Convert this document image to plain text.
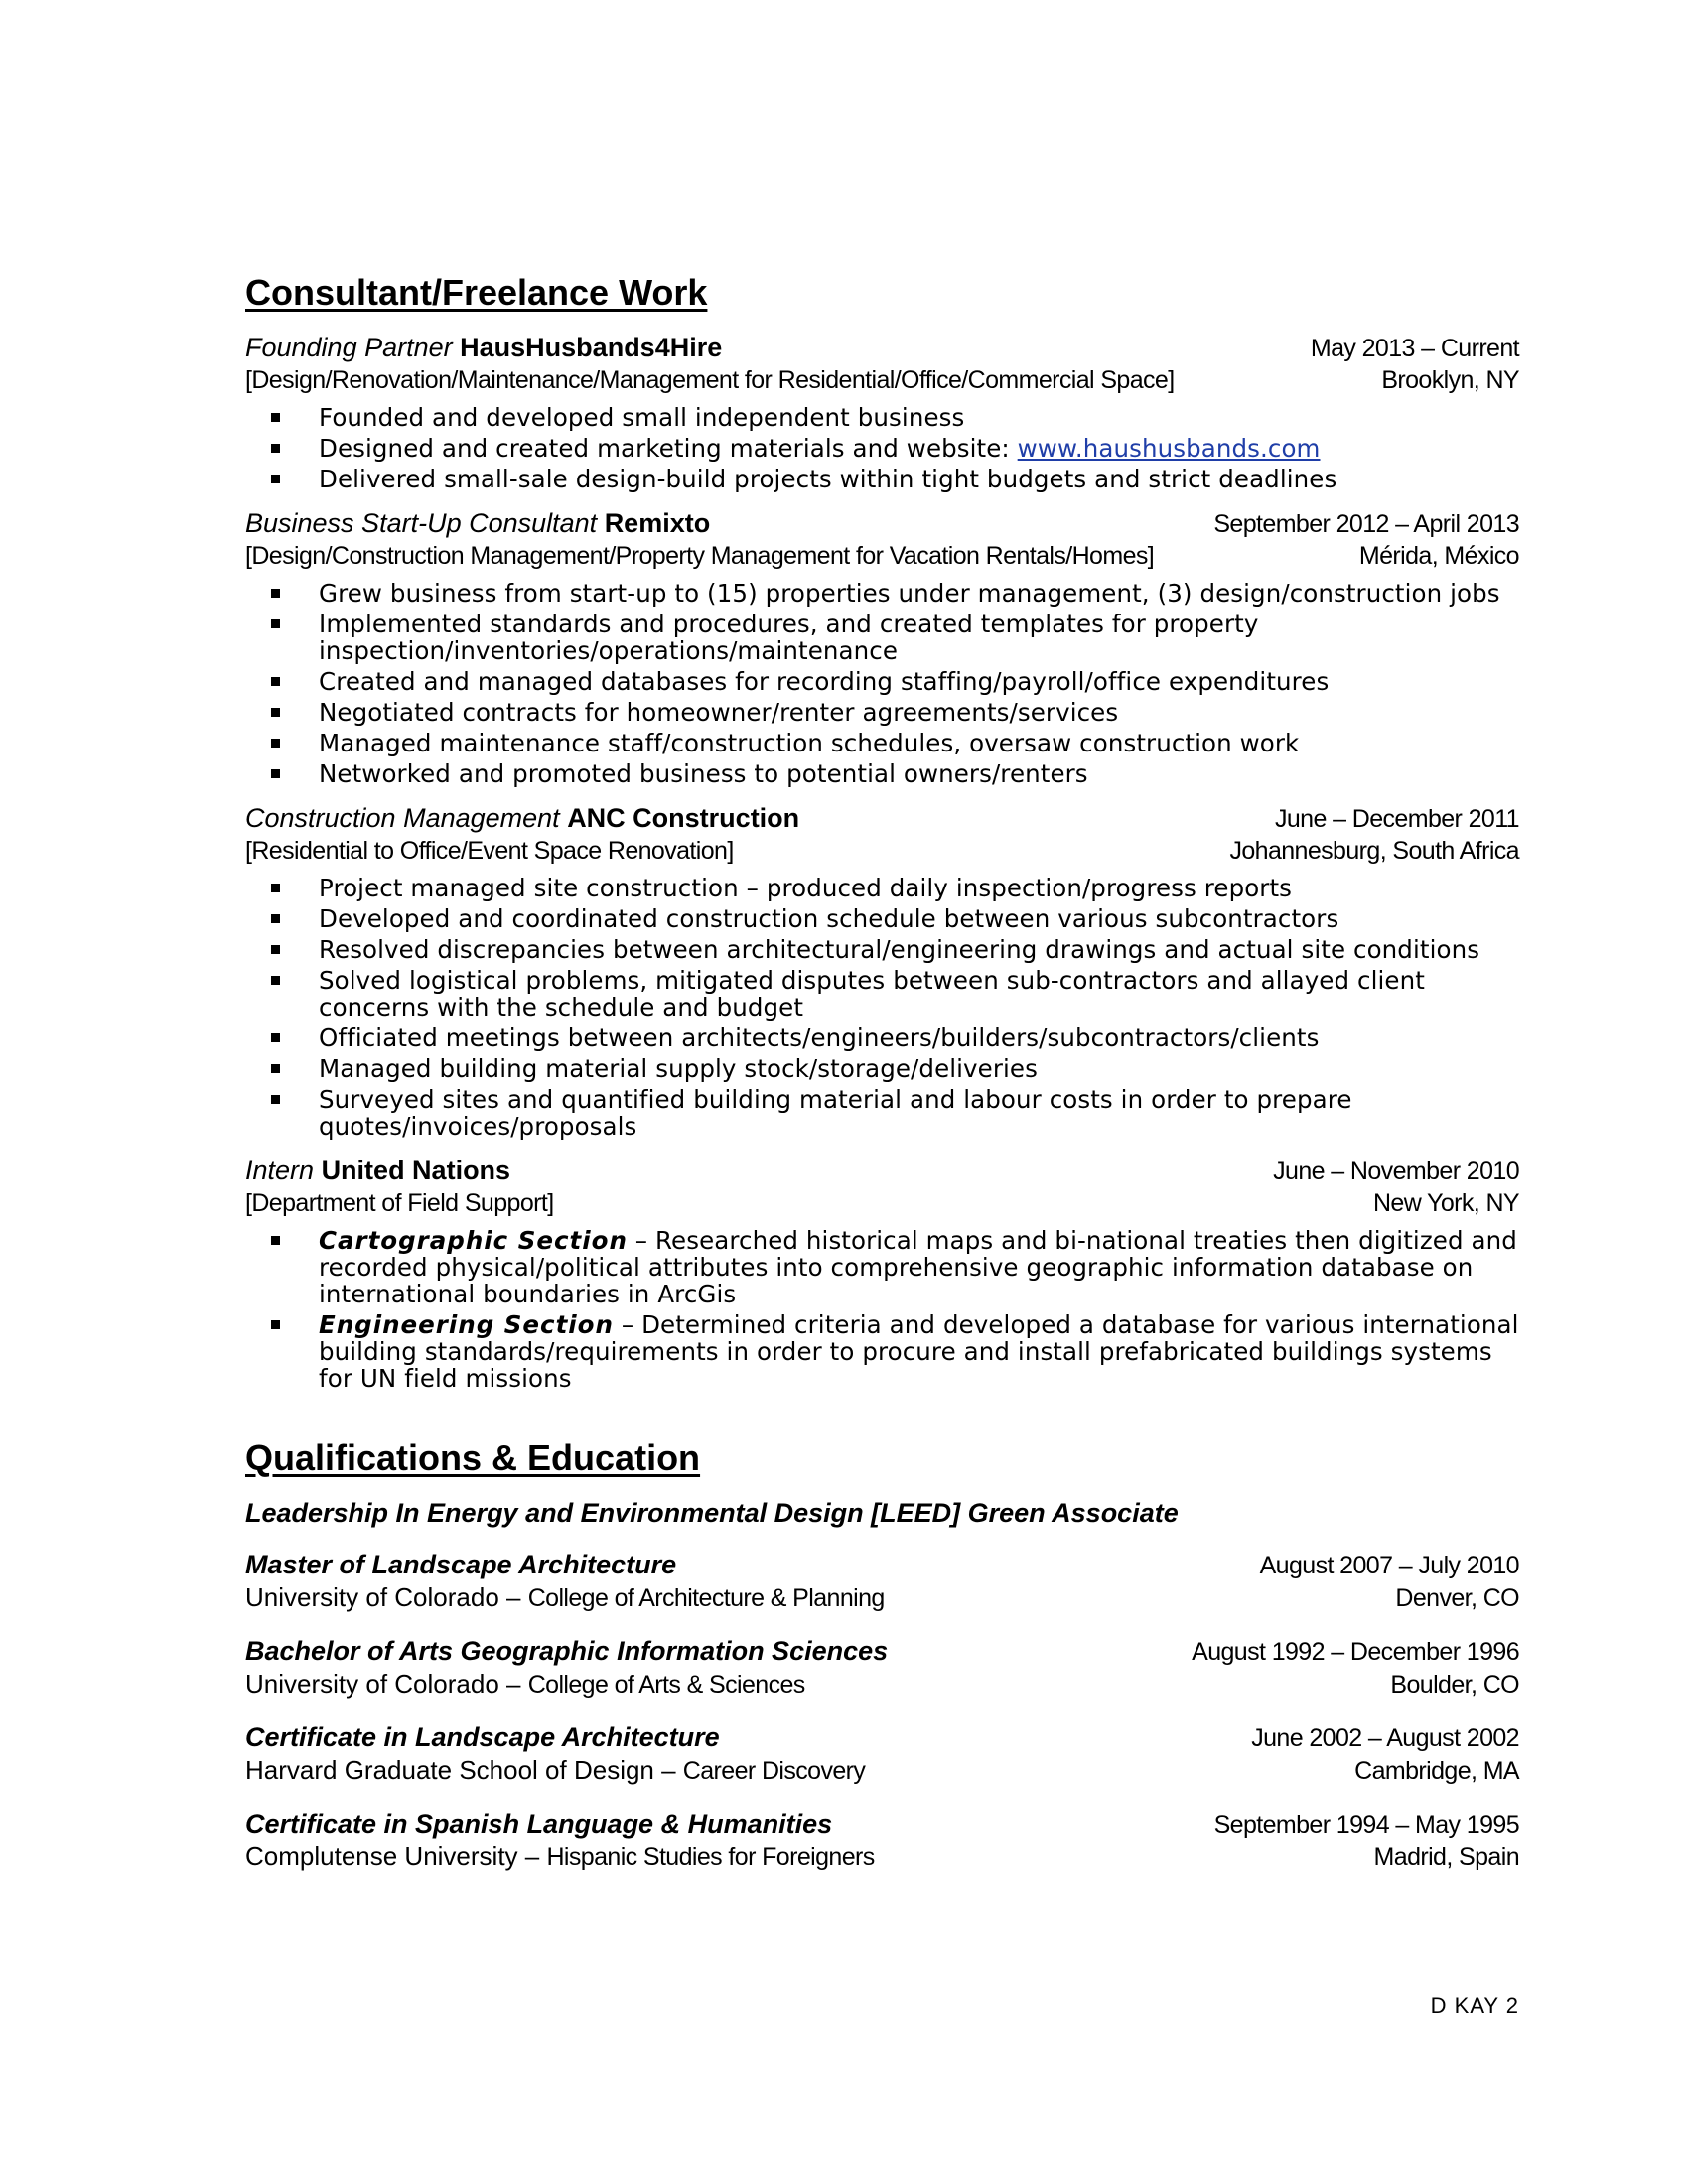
Consultant/Freelance Work
Founding Partner HausHusbands4Hire	May 2013 – Current
[Design/Renovation/Maintenance/Management for Residential/Office/Commercial Space]	Brooklyn, NY
Founded and developed small independent business
Designed and created marketing materials and website: www.haushusbands.com
Delivered small-sale design-build projects within tight budgets and strict deadlines
Business Start-Up Consultant Remixto	September 2012 – April 2013
[Design/Construction Management/Property Management for Vacation Rentals/Homes]	Mérida, México
Grew business from start-up to (15) properties under management, (3) design/construction jobs
Implemented standards and procedures, and created templates for property inspection/inventories/operations/maintenance
Created and managed databases for recording staffing/payroll/office expenditures
Negotiated contracts for homeowner/renter agreements/services
Managed maintenance staff/construction schedules, oversaw construction work
Networked and promoted business to potential owners/renters
Construction Management ANC Construction	June – December 2011
[Residential to Office/Event Space Renovation]	Johannesburg, South Africa
Project managed site construction – produced daily inspection/progress reports
Developed and coordinated construction schedule between various subcontractors
Resolved discrepancies between architectural/engineering drawings and actual site conditions
Solved logistical problems, mitigated disputes between sub-contractors and allayed client concerns with the schedule and budget
Officiated meetings between architects/engineers/builders/subcontractors/clients
Managed building material supply stock/storage/deliveries
Surveyed sites and quantified building material and labour costs in order to prepare quotes/invoices/proposals
Intern United Nations	June – November 2010
[Department of Field Support]	New York, NY
Cartographic Section – Researched historical maps and bi-national treaties then digitized and recorded physical/political attributes into comprehensive geographic information database on international boundaries in ArcGis
Engineering Section – Determined criteria and developed a database for various international building standards/requirements in order to procure and install prefabricated buildings systems for UN field missions
Qualifications & Education
Leadership In Energy and Environmental Design [LEED] Green Associate
Master of Landscape Architecture	August 2007 – July 2010
University of Colorado – College of Architecture & Planning	Denver, CO
Bachelor of Arts Geographic Information Sciences	August 1992 – December 1996
University of Colorado – College of Arts & Sciences	Boulder, CO
Certificate in Landscape Architecture	June 2002 – August 2002
Harvard Graduate School of Design – Career Discovery	Cambridge, MA
Certificate in Spanish Language & Humanities	September 1994 – May 1995
Complutense University – Hispanic Studies for Foreigners	Madrid, Spain
D KAY 2
